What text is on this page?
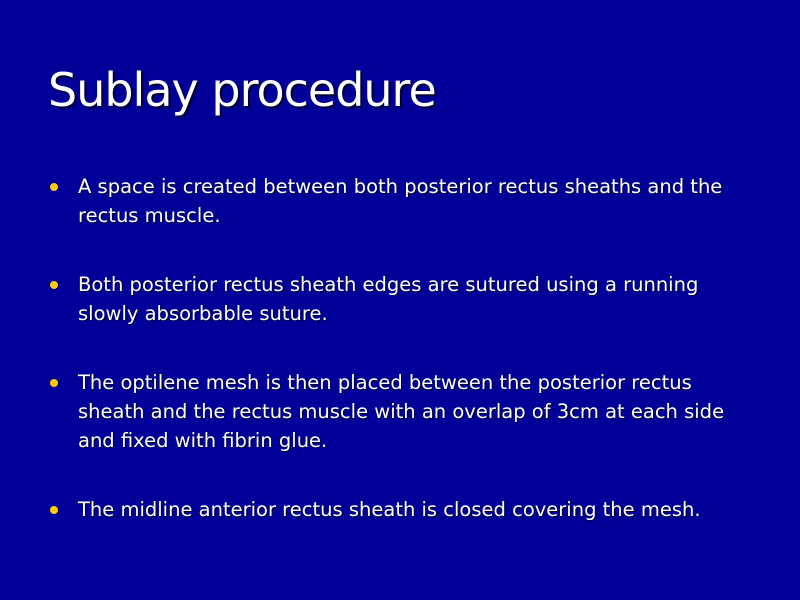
Sublay procedure
A space is created between both posterior rectus sheaths and the rectus muscle.
Both posterior rectus sheath edges are sutured using a running slowly absorbable suture.
The optilene mesh is then placed between the posterior rectus sheath and the rectus muscle with an overlap of 3cm at each side and fixed with fibrin glue.
The midline anterior rectus sheath is closed covering the mesh.
